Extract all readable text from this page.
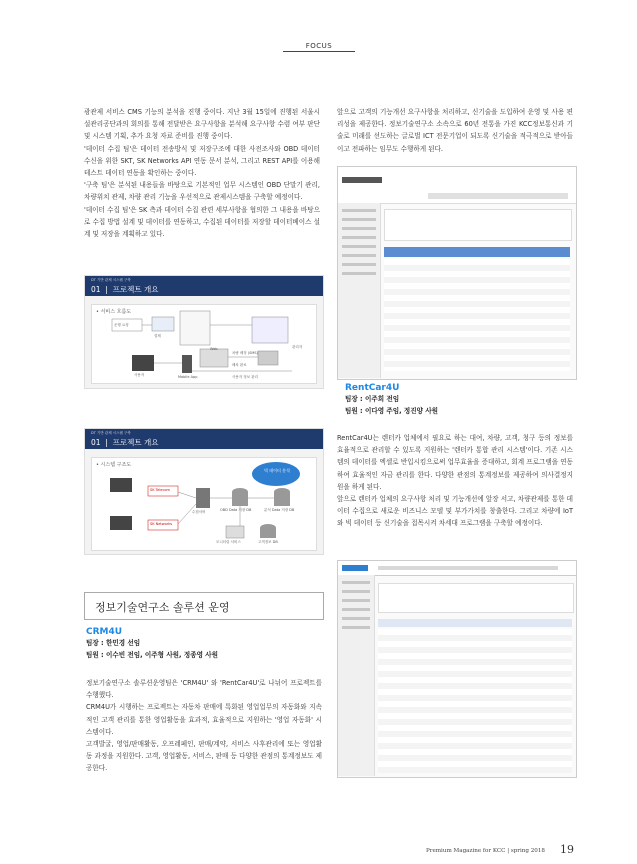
FOCUS

광관제 서비스 CMS 기능의 분석을 진행 중이다. 지난 3월 15일에 진행된 서울시설관리공단과의 회의를 통해 전달받은 요구사항을 분석해 요구사항 수렴 여부 판단 및 시스템 기획, 추가 요청 자료 준비를 진행 중이다.

'데이터 수집 팀'은 데이터 전송방식 및 저장구조에 대한 사전조사와 OBD 데이터 수신을 위한 SKT, SK Networks API 연동 문서 분석, 그리고 REST API를 이용해 테스트 데이터 연동을 확인하는 중이다.

'구축 팀'은 분석된 내용들을 바탕으로 기본적인 업무 시스템인 OBD 단말기 관리, 차량위치 관제, 차량 관리 기능을 우선적으로 관제시스템을 구축할 예정이다.

'데이터 수집 팀'은 SK 측과 데이터 수집 관련 세부사항을 협의한 그 내용을 바탕으로 수집 방법 설계 및 데이터를 연동하고, 수집된 데이터를 저장할 데이터베이스 설계 및 저장을 계획하고 있다.

DT 기반 관제 시스템 구축
01  |  프로젝트 개요
• 서비스 흐름도
운행 요청
결제
Web	관리자
사용자	Mobile App
차량 배정 (SMS)
배차 완료
사용자 정보 관리
DT 기반 관제 시스템 구축
01  |  프로젝트 개요
• 시스템 구조도
빅 데이터 분석
SK Telecom
SK Networks
수집서버	OBD Data 저장 DB	분석 Data 저장 DB
모니터링 서비스	고객정보 DB
정보기술연구소 솔루션 운영
CRM4U
팀장 : 한민경 선임
팀원 : 이수빈 전임, 이주형 사원, 정종영 사원

정보기술연구소 솔루션운영팀은 'CRM4U' 와 'RentCar4U'로 나뉘어 프로젝트를 수행했다.

CRM4U가 시행하는 프로젝트는 자동차 판매에 특화된 영업업무의 자동화와 지속적인 고객 관리를 통한 영업활동을 효과적, 효율적으로 지원하는 '영업 자동화' 시스템이다.

고객발굴, 영업/판매활동, 오프레페인, 판매/계약, 서비스 사후관리에 또는 영업활동 과정을 지원한다. 고객, 영업활동, 서비스, 판매 등 다양한 관점의 통계정보도 제공한다.

앞으로 고객의 기능개선 요구사항을 처리하고, 신기술을 도입하여 운영 및 사용 편리성을 제공한다. 정보기술연구소 소속으로 60년 전통을 가진 KCC정보통신과 기술로 미래를 선도하는 글로벌 ICT 전문기업이 되도록 신기술을 적극적으로 받아들이고 전파하는 임무도 수행하게 된다.

RentCar4U
팀장 : 이주희 전임
팀원 : 이다영 주임, 정진양 사원

RentCar4U는 렌터카 업체에서 필요로 하는 대여, 차량, 고객, 청구 등의 정보를 효율적으로 관리할 수 있도록 지원하는 '렌터카 통합 관리 시스템'이다. 기존 시스템의 데이터를 엑셀로 반입시킴으로써 업무효율을 증대하고, 회계 프로그램을 연동하여 효율적인 자금 관리를 한다. 다양한 관점의 통계정보를 제공하여 의사결정지원을 하게 된다.

앞으로 렌터카 업체의 요구사항 처리 및 기능개선에 앞장 서고, 차량관제를 통한 데이터 수집으로 새로운 비즈니스 모델 및 부가가치를 창출한다. 그리고 차량에 IoT와 빅 데이터 등 신기술을 접목시켜 차세대 프로그램을 구축할 예정이다.

Premium Magazine for KCC | spring 2018 19
